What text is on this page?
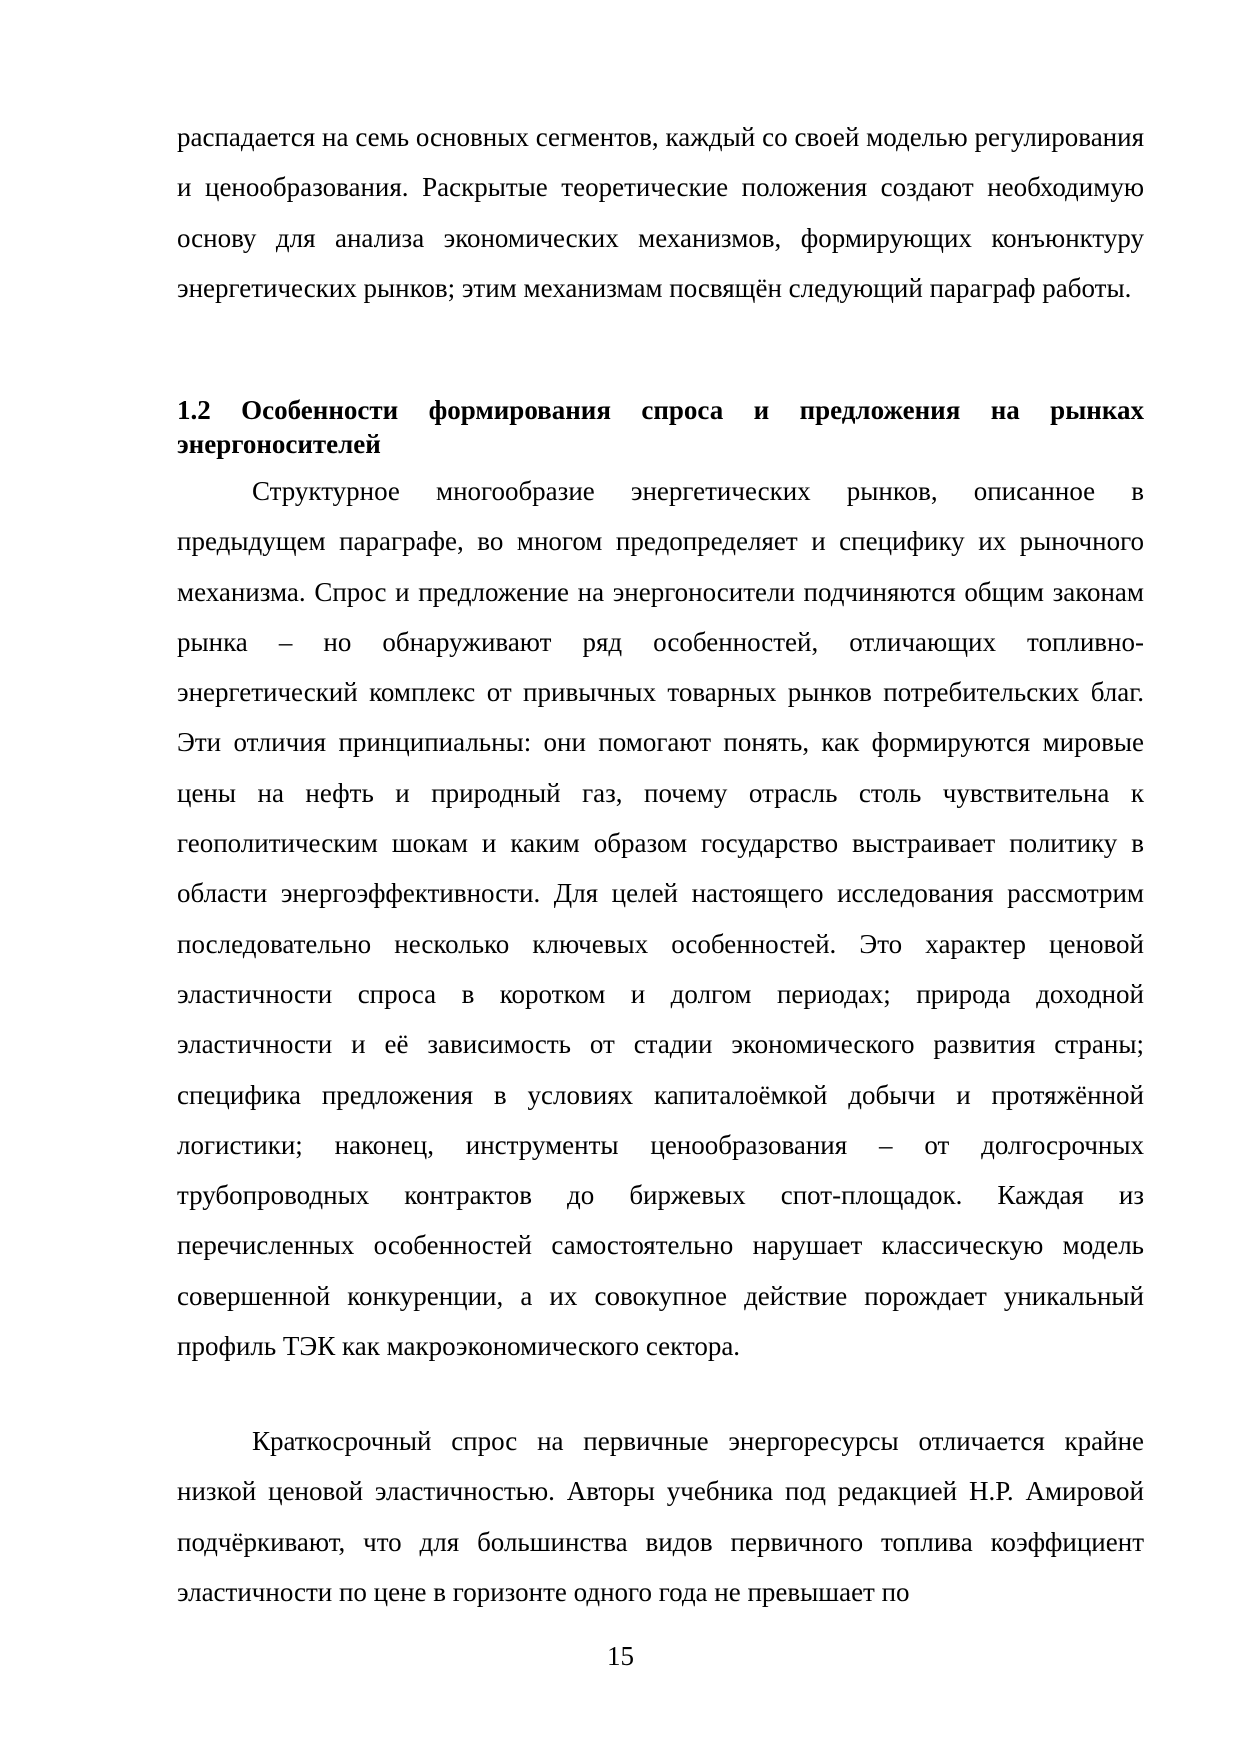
распадается на семь основных сегментов, каждый со своей моделью регулирования и ценообразования. Раскрытые теоретические положения создают необходимую основу для анализа экономических механизмов, формирующих конъюнктуру энергетических рынков; этим механизмам посвящён следующий параграф работы.

1.2 Особенности формирования спроса и предложения на рынках энергоносителей

Структурное многообразие энергетических рынков, описанное в предыдущем параграфе, во многом предопределяет и специфику их рыночного механизма. Спрос и предложение на энергоносители подчиняются общим законам рынка – но обнаруживают ряд особенностей, отличающих топливно-энергетический комплекс от привычных товарных рынков потребительских благ. Эти отличия принципиальны: они помогают понять, как формируются мировые цены на нефть и природный газ, почему отрасль столь чувствительна к геополитическим шокам и каким образом государство выстраивает политику в области энергоэффективности. Для целей настоящего исследования рассмотрим последовательно несколько ключевых особенностей. Это характер ценовой эластичности спроса в коротком и долгом периодах; природа доходной эластичности и её зависимость от стадии экономического развития страны; специфика предложения в условиях капиталоёмкой добычи и протяжённой логистики; наконец, инструменты ценообразования – от долгосрочных трубопроводных контрактов до биржевых спот-площадок. Каждая из перечисленных особенностей самостоятельно нарушает классическую модель совершенной конкуренции, а их совокупное действие порождает уникальный профиль ТЭК как макроэкономического сектора.

Краткосрочный спрос на первичные энергоресурсы отличается крайне низкой ценовой эластичностью. Авторы учебника под редакцией Н.Р. Амировой подчёркивают, что для большинства видов первичного топлива коэффициент эластичности по цене в горизонте одного года не превышает по

15
